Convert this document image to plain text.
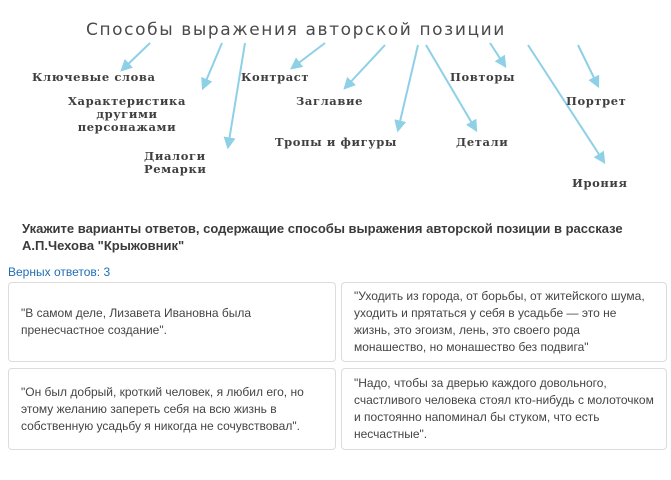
Способы выражения авторской позиции
Ключевые слова
Характеристика
другими
персонажами
Диалоги
Ремарки
Контраст
Заглавие
Тропы и фигуры
Повторы
Детали
Портрет
Ирония
Укажите варианты ответов, содержащие способы выражения авторской позиции в рассказе А.П.Чехова "Крыжовник"
Верных ответов: 3
"В самом деле, Лизавета Ивановна была пренесчастное создание".
"Уходить из города, от борьбы, от житейского шума, уходить и прятаться у себя в усадьбе — это не жизнь, это эгоизм, лень, это своего рода монашество, но монашество без подвига"
"Он был добрый, кроткий человек, я любил его, но этому желанию запереть себя на всю жизнь в собственную усадьбу я никогда не сочувствовал".
"Надо, чтобы за дверью каждого довольного, счастливого человека стоял кто-нибудь с молоточком и постоянно напоминал бы стуком, что есть несчастные".
